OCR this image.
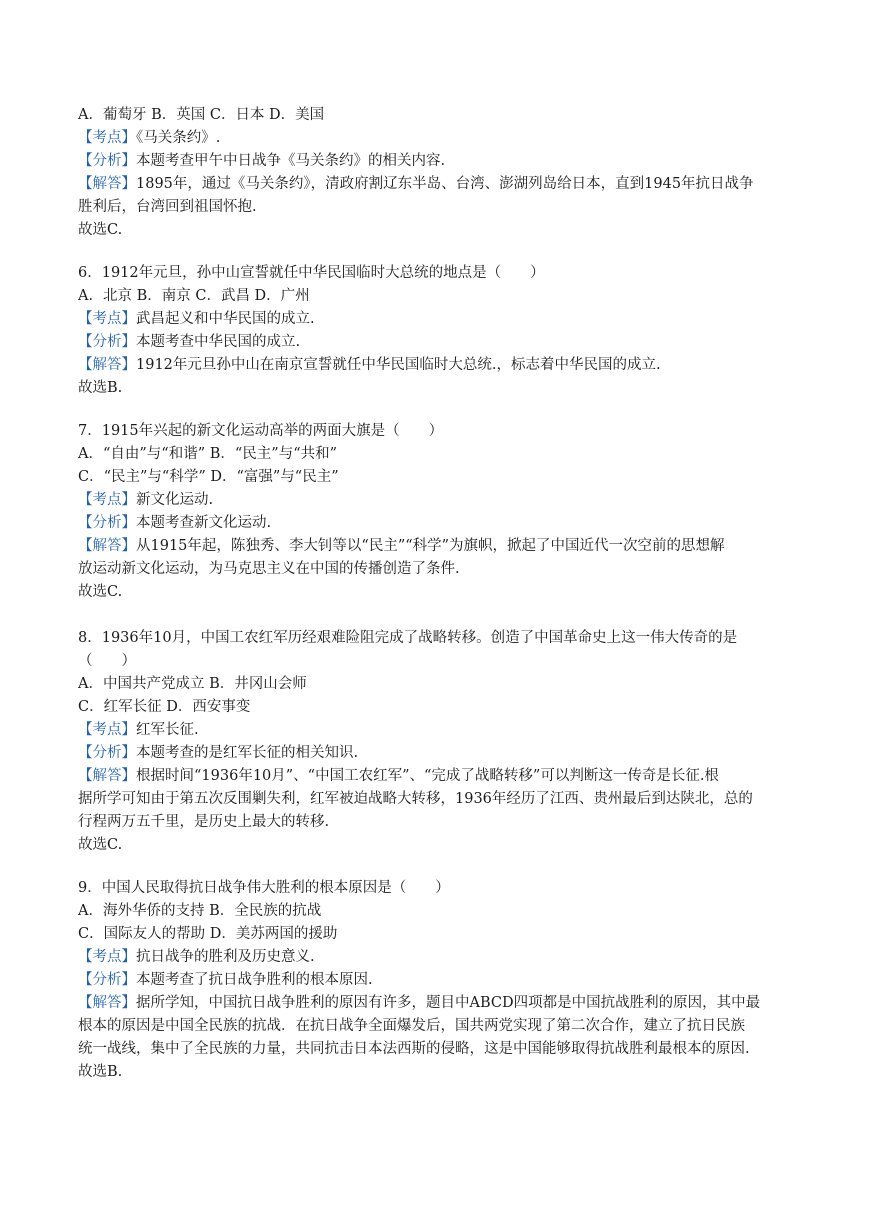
A．葡萄牙 B．英国 C．日本 D．美国
【考点】《马关条约》.
【分析】本题考查甲午中日战争《马关条约》的相关内容.
【解答】1895年，通过《马关条约》，清政府割辽东半岛、台湾、澎湖列岛给日本，直到1945年抗日战争
胜利后，台湾回到祖国怀抱.
故选C.
6．1912年元旦，孙中山宣誓就任中华民国临时大总统的地点是（　　）
A．北京 B．南京 C．武昌 D．广州
【考点】武昌起义和中华民国的成立.
【分析】本题考查中华民国的成立.
【解答】1912年元旦孙中山在南京宣誓就任中华民国临时大总统.，标志着中华民国的成立.
故选B.
7．1915年兴起的新文化运动高举的两面大旗是（　　）
A．“自由”与“和谐” B．“民主”与“共和”
C．“民主”与“科学” D．“富强”与“民主”
【考点】新文化运动.
【分析】本题考查新文化运动.
【解答】从1915年起，陈独秀、李大钊等以“民主”“科学”为旗帜，掀起了中国近代一次空前的思想解
放运动新文化运动，为马克思主义在中国的传播创造了条件.
故选C.
8．1936年10月，中国工农红军历经艰难险阻完成了战略转移。创造了中国革命史上这一伟大传奇的是
（　　）
A．中国共产党成立 B．井冈山会师
C．红军长征 D．西安事变
【考点】红军长征.
【分析】本题考查的是红军长征的相关知识.
【解答】根据时间“1936年10月”、“中国工农红军”、“完成了战略转移”可以判断这一传奇是长征.根
据所学可知由于第五次反围剿失利，红军被迫战略大转移，1936年经历了江西、贵州最后到达陕北，总的
行程两万五千里，是历史上最大的转移.
故选C.
9．中国人民取得抗日战争伟大胜利的根本原因是（　　）
A．海外华侨的支持 B．全民族的抗战
C．国际友人的帮助 D．美苏两国的援助
【考点】抗日战争的胜利及历史意义.
【分析】本题考查了抗日战争胜利的根本原因.
【解答】据所学知，中国抗日战争胜利的原因有许多，题目中ABCD四项都是中国抗战胜利的原因，其中最
根本的原因是中国全民族的抗战．在抗日战争全面爆发后，国共两党实现了第二次合作，建立了抗日民族
统一战线，集中了全民族的力量，共同抗击日本法西斯的侵略，这是中国能够取得抗战胜利最根本的原因.
故选B.
